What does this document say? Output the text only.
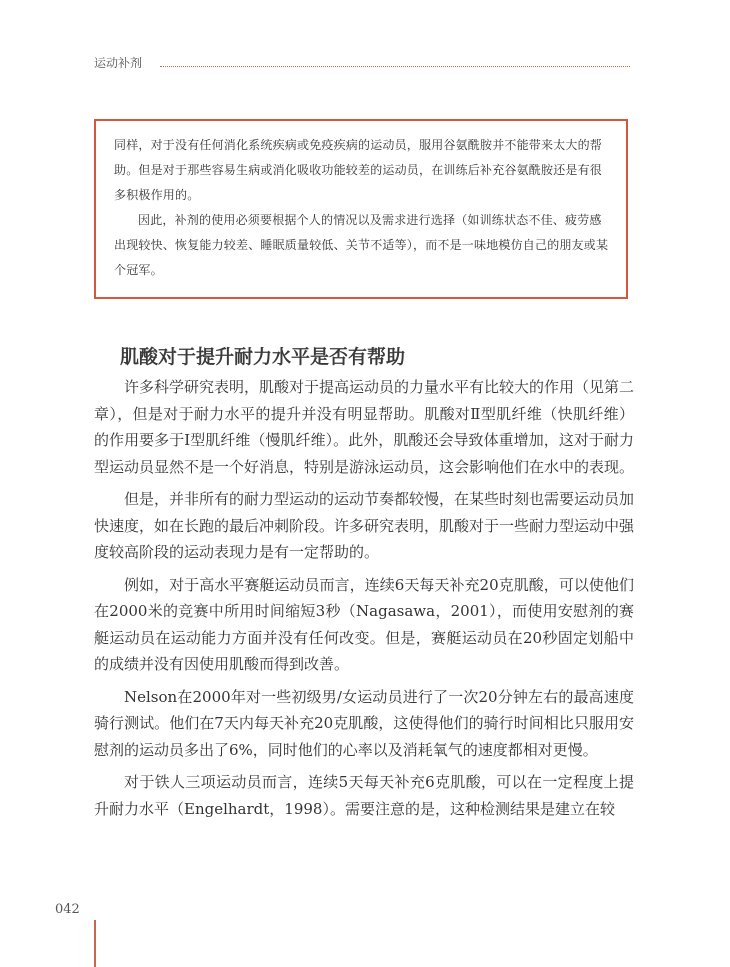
运动补剂

同样，对于没有任何消化系统疾病或免疫疾病的运动员，服用谷氨酰胺并不能带来太大的帮助。但是对于那些容易生病或消化吸收功能较差的运动员，在训练后补充谷氨酰胺还是有很多积极作用的。

因此，补剂的使用必须要根据个人的情况以及需求进行选择（如训练状态不佳、疲劳感出现较快、恢复能力较差、睡眠质量较低、关节不适等），而不是一味地模仿自己的朋友或某个冠军。

肌酸对于提升耐力水平是否有帮助

许多科学研究表明，肌酸对于提高运动员的力量水平有比较大的作用（见第二章），但是对于耐力水平的提升并没有明显帮助。肌酸对Ⅱ型肌纤维（快肌纤维）的作用要多于Ⅰ型肌纤维（慢肌纤维）。此外，肌酸还会导致体重增加，这对于耐力型运动员显然不是一个好消息，特别是游泳运动员，这会影响他们在水中的表现。

但是，并非所有的耐力型运动的运动节奏都较慢，在某些时刻也需要运动员加快速度，如在长跑的最后冲刺阶段。许多研究表明，肌酸对于一些耐力型运动中强度较高阶段的运动表现力是有一定帮助的。

例如，对于高水平赛艇运动员而言，连续6天每天补充20克肌酸，可以使他们在2000米的竞赛中所用时间缩短3秒（Nagasawa，2001），而使用安慰剂的赛艇运动员在运动能力方面并没有任何改变。但是，赛艇运动员在20秒固定划船中的成绩并没有因使用肌酸而得到改善。

Nelson在2000年对一些初级男/女运动员进行了一次20分钟左右的最高速度骑行测试。他们在7天内每天补充20克肌酸，这使得他们的骑行时间相比只服用安慰剂的运动员多出了6%，同时他们的心率以及消耗氧气的速度都相对更慢。

对于铁人三项运动员而言，连续5天每天补充6克肌酸，可以在一定程度上提升耐力水平（Engelhardt，1998）。需要注意的是，这种检测结果是建立在较

042
